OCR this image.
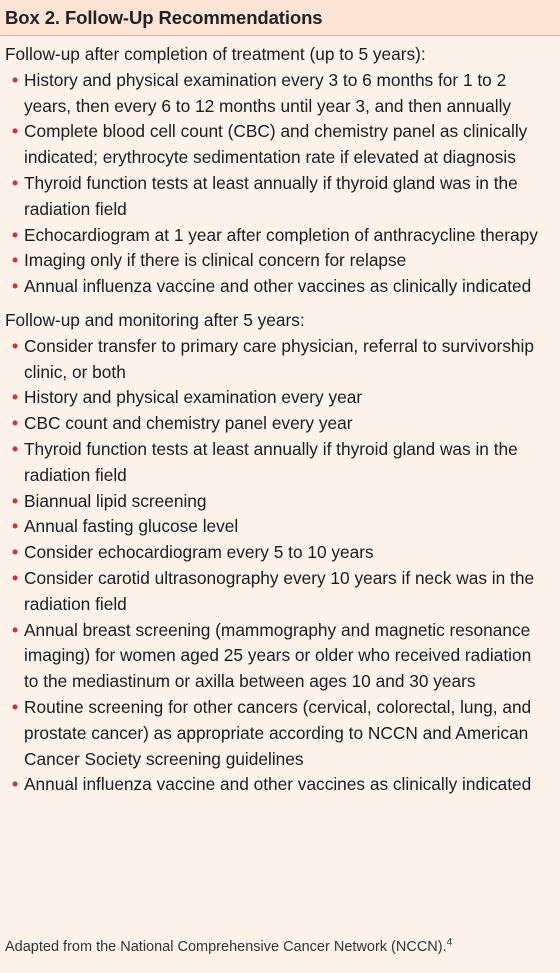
Box 2. Follow-Up Recommendations
Follow-up after completion of treatment (up to 5 years):
• History and physical examination every 3 to 6 months for 1 to 2 years, then every 6 to 12 months until year 3, and then annually
• Complete blood cell count (CBC) and chemistry panel as clinically indicated; erythrocyte sedimentation rate if elevated at diagnosis
• Thyroid function tests at least annually if thyroid gland was in the radiation field
• Echocardiogram at 1 year after completion of anthracycline therapy
• Imaging only if there is clinical concern for relapse
• Annual influenza vaccine and other vaccines as clinically indicated
Follow-up and monitoring after 5 years:
• Consider transfer to primary care physician, referral to survivorship clinic, or both
• History and physical examination every year
• CBC count and chemistry panel every year
• Thyroid function tests at least annually if thyroid gland was in the radiation field
• Biannual lipid screening
• Annual fasting glucose level
• Consider echocardiogram every 5 to 10 years
• Consider carotid ultrasonography every 10 years if neck was in the radiation field
• Annual breast screening (mammography and magnetic resonance imaging) for women aged 25 years or older who received radiation to the mediastinum or axilla between ages 10 and 30 years
• Routine screening for other cancers (cervical, colorectal, lung, and prostate cancer) as appropriate according to NCCN and American Cancer Society screening guidelines
• Annual influenza vaccine and other vaccines as clinically indicated
Adapted from the National Comprehensive Cancer Network (NCCN).$^4$
